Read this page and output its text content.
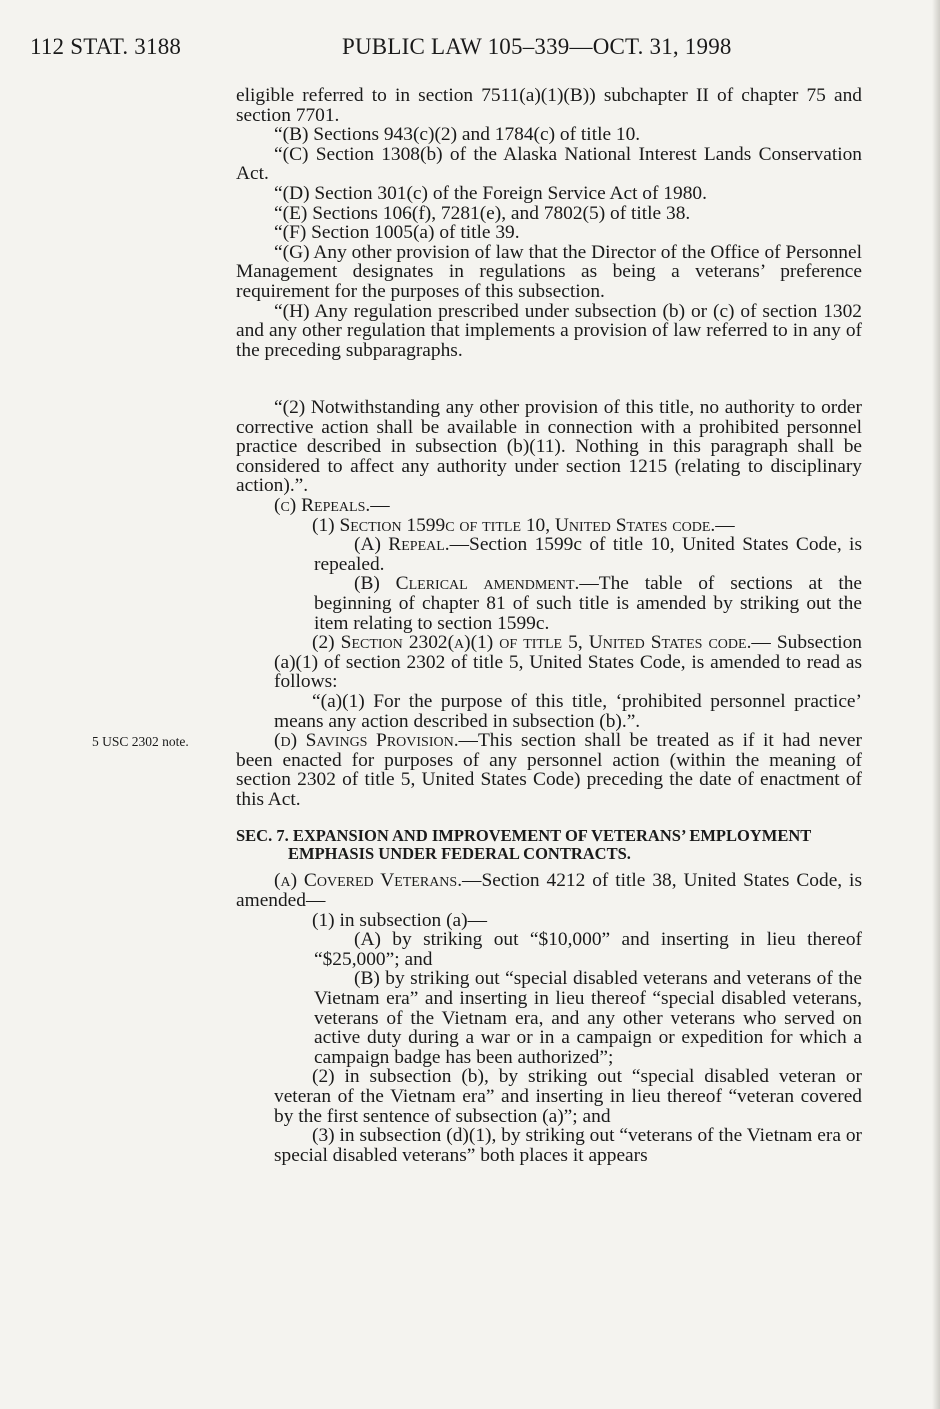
112 STAT. 3188	PUBLIC LAW 105–339—OCT. 31, 1998
5 USC 2302 note.

eligible referred to in section 7511(a)(1)(B)) subchapter II of chapter 75 and section 7701.

“(B) Sections 943(c)(2) and 1784(c) of title 10.

“(C) Section 1308(b) of the Alaska National Interest Lands Conservation Act.

“(D) Section 301(c) of the Foreign Service Act of 1980.

“(E) Sections 106(f), 7281(e), and 7802(5) of title 38.

“(F) Section 1005(a) of title 39.

“(G) Any other provision of law that the Director of the Office of Personnel Management designates in regulations as being a veterans’ preference requirement for the purposes of this subsection.

“(H) Any regulation prescribed under subsection (b) or (c) of section 1302 and any other regulation that implements a provision of law referred to in any of the preceding subparagraphs.

“(2) Notwithstanding any other provision of this title, no authority to order corrective action shall be available in connection with a prohibited personnel practice described in subsection (b)(11). Nothing in this paragraph shall be considered to affect any authority under section 1215 (relating to disciplinary action).”.

(c) Repeals.—

(1) Section 1599c of title 10, United States code.—

(A) Repeal.—Section 1599c of title 10, United States Code, is repealed.

(B) Clerical amendment.—The table of sections at the beginning of chapter 81 of such title is amended by striking out the item relating to section 1599c.

(2) Section 2302(a)(1) of title 5, United States code.— Subsection (a)(1) of section 2302 of title 5, United States Code, is amended to read as follows:

“(a)(1) For the purpose of this title, ‘prohibited personnel practice’ means any action described in subsection (b).”.

(d) Savings Provision.—This section shall be treated as if it had never been enacted for purposes of any personnel action (within the meaning of section 2302 of title 5, United States Code) preceding the date of enactment of this Act.

SEC. 7. EXPANSION AND IMPROVEMENT OF VETERANS’ EMPLOYMENT
EMPHASIS UNDER FEDERAL CONTRACTS.

(a) Covered Veterans.—Section 4212 of title 38, United States Code, is amended—

(1) in subsection (a)—

(A) by striking out “$10,000” and inserting in lieu thereof “$25,000”; and

(B) by striking out “special disabled veterans and veterans of the Vietnam era” and inserting in lieu thereof “special disabled veterans, veterans of the Vietnam era, and any other veterans who served on active duty during a war or in a campaign or expedition for which a campaign badge has been authorized”;

(2) in subsection (b), by striking out “special disabled veteran or veteran of the Vietnam era” and inserting in lieu thereof “veteran covered by the first sentence of subsection (a)”; and

(3) in subsection (d)(1), by striking out “veterans of the Vietnam era or special disabled veterans” both places it appears
